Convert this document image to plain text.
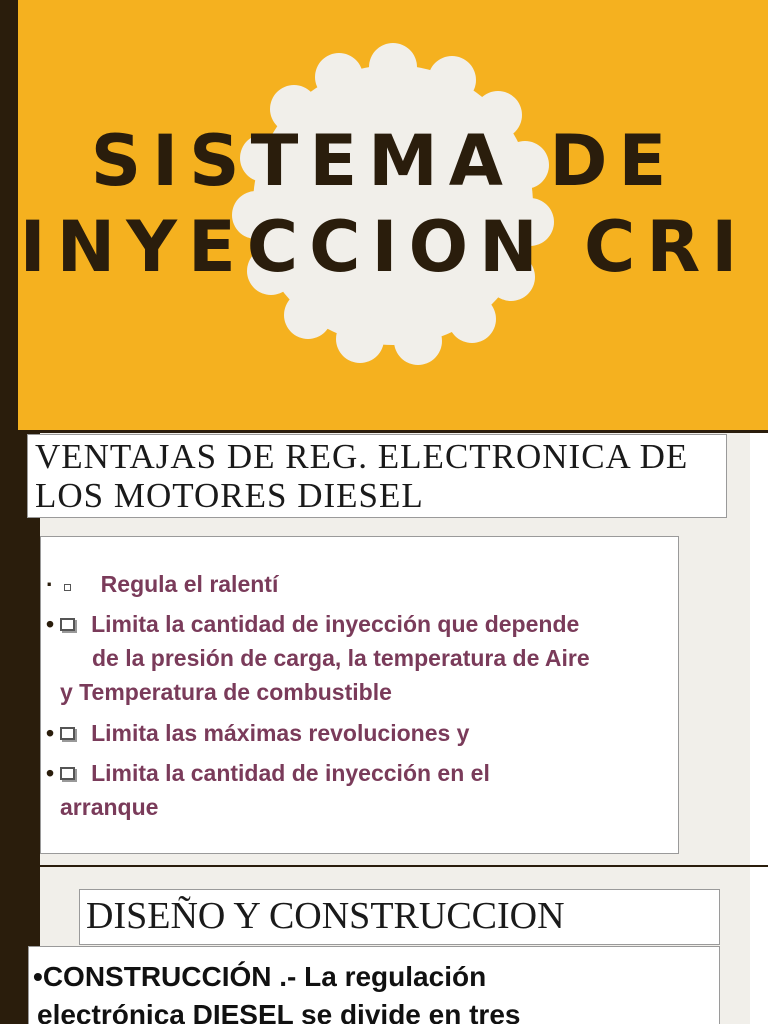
SISTEMA DE
INYECCION CRI
VENTAJAS DE REG. ELECTRONICA DE LOS MOTORES DIESEL
· Regula el ralentí
• Limita la cantidad de inyección que depende
de la presión de carga, la temperatura de Aire
y Temperatura de combustible
• Limita las máximas revoluciones y
• Limita la cantidad de inyección en el
arranque
DISEÑO Y CONSTRUCCION
•CONSTRUCCIÓN .- La regulación
electrónica DIESEL se divide en tres
